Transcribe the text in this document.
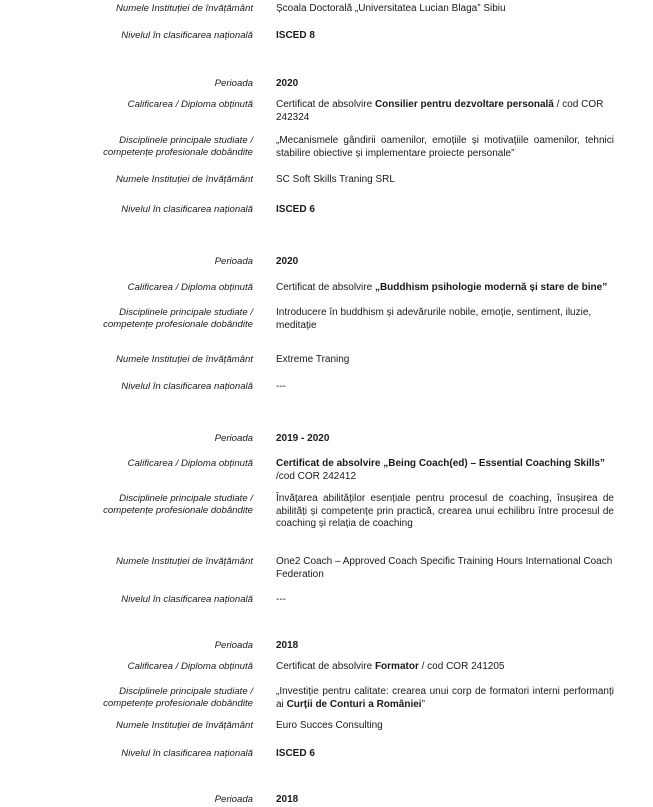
Numele Instituției de învățământ Școala Doctorală „Universitatea Lucian Blaga” Sibiu
Nivelul în clasificarea națională ISCED 8
Perioada 2020
Calificarea / Diploma obținută Certificat de absolvire Consilier pentru dezvoltare personală / cod COR 242324
Disciplinele principale studiate /
competențe profesionale dobândite
„Mecanismele gândirii oamenilor, emoțiile și motivațiile oamenilor, tehnici stabilire obiective și implementare proiecte personale”
Numele Instituției de învățământ SC Soft Skills Traning SRL
Nivelul în clasificarea națională ISCED 6
Perioada 2020
Calificarea / Diploma obținută Certificat de absolvire „Buddhism psihologie modernă și stare de bine”
Disciplinele principale studiate /
competențe profesionale dobândite
Introducere în buddhism și adevărurile nobile, emoție, sentiment, iluzie, meditație
Numele Instituției de învățământ Extreme Traning
Nivelul în clasificarea națională ---
Perioada 2019 - 2020
Calificarea / Diploma obținută Certificat de absolvire „Being Coach(ed) – Essential Coaching Skills” /cod COR 242412
Disciplinele principale studiate /
competențe profesionale dobândite
Învățarea abilităților esențiale pentru procesul de coaching, însușirea de abilități și competențe prin practică, crearea unui echilibru între procesul de coaching și relația de coaching
Numele Instituției de învățământ One2 Coach – Approved Coach Specific Training Hours International Coach Federation
Nivelul în clasificarea națională ---
Perioada 2018
Calificarea / Diploma obținută Certificat de absolvire Formator / cod COR 241205
Disciplinele principale studiate /
competențe profesionale dobândite
„Investiție pentru calitate: crearea unui corp de formatori interni performanți ai Curții de Conturi a României”
Numele Instituției de învățământ Euro Succes Consulting
Nivelul în clasificarea națională ISCED 6
Perioada 2018
